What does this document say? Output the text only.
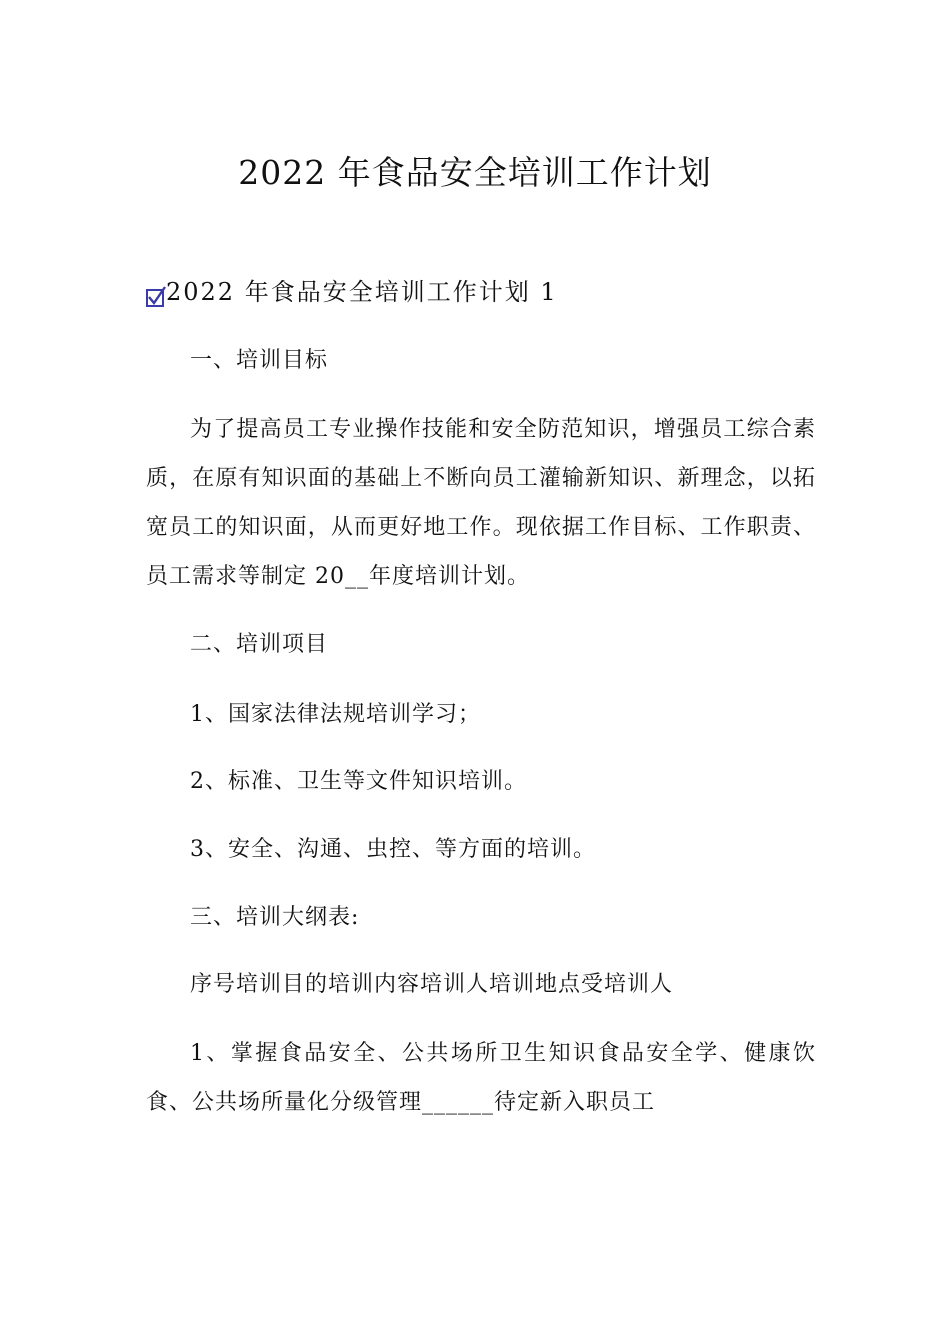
2022 年食品安全培训工作计划
2022 年食品安全培训工作计划 1
一、培训目标
为了提高员工专业操作技能和安全防范知识，增强员工综合素质，在原有知识面的基础上不断向员工灌输新知识、新理念，以拓宽员工的知识面，从而更好地工作。现依据工作目标、工作职责、员工需求等制定 20__年度培训计划。
二、培训项目
1、国家法律法规培训学习；
2、标准、卫生等文件知识培训。
3、安全、沟通、虫控、等方面的培训。
三、培训大纲表:
序号培训目的培训内容培训人培训地点受培训人
1、掌握食品安全、公共场所卫生知识食品安全学、健康饮食、公共场所量化分级管理______待定新入职员工
